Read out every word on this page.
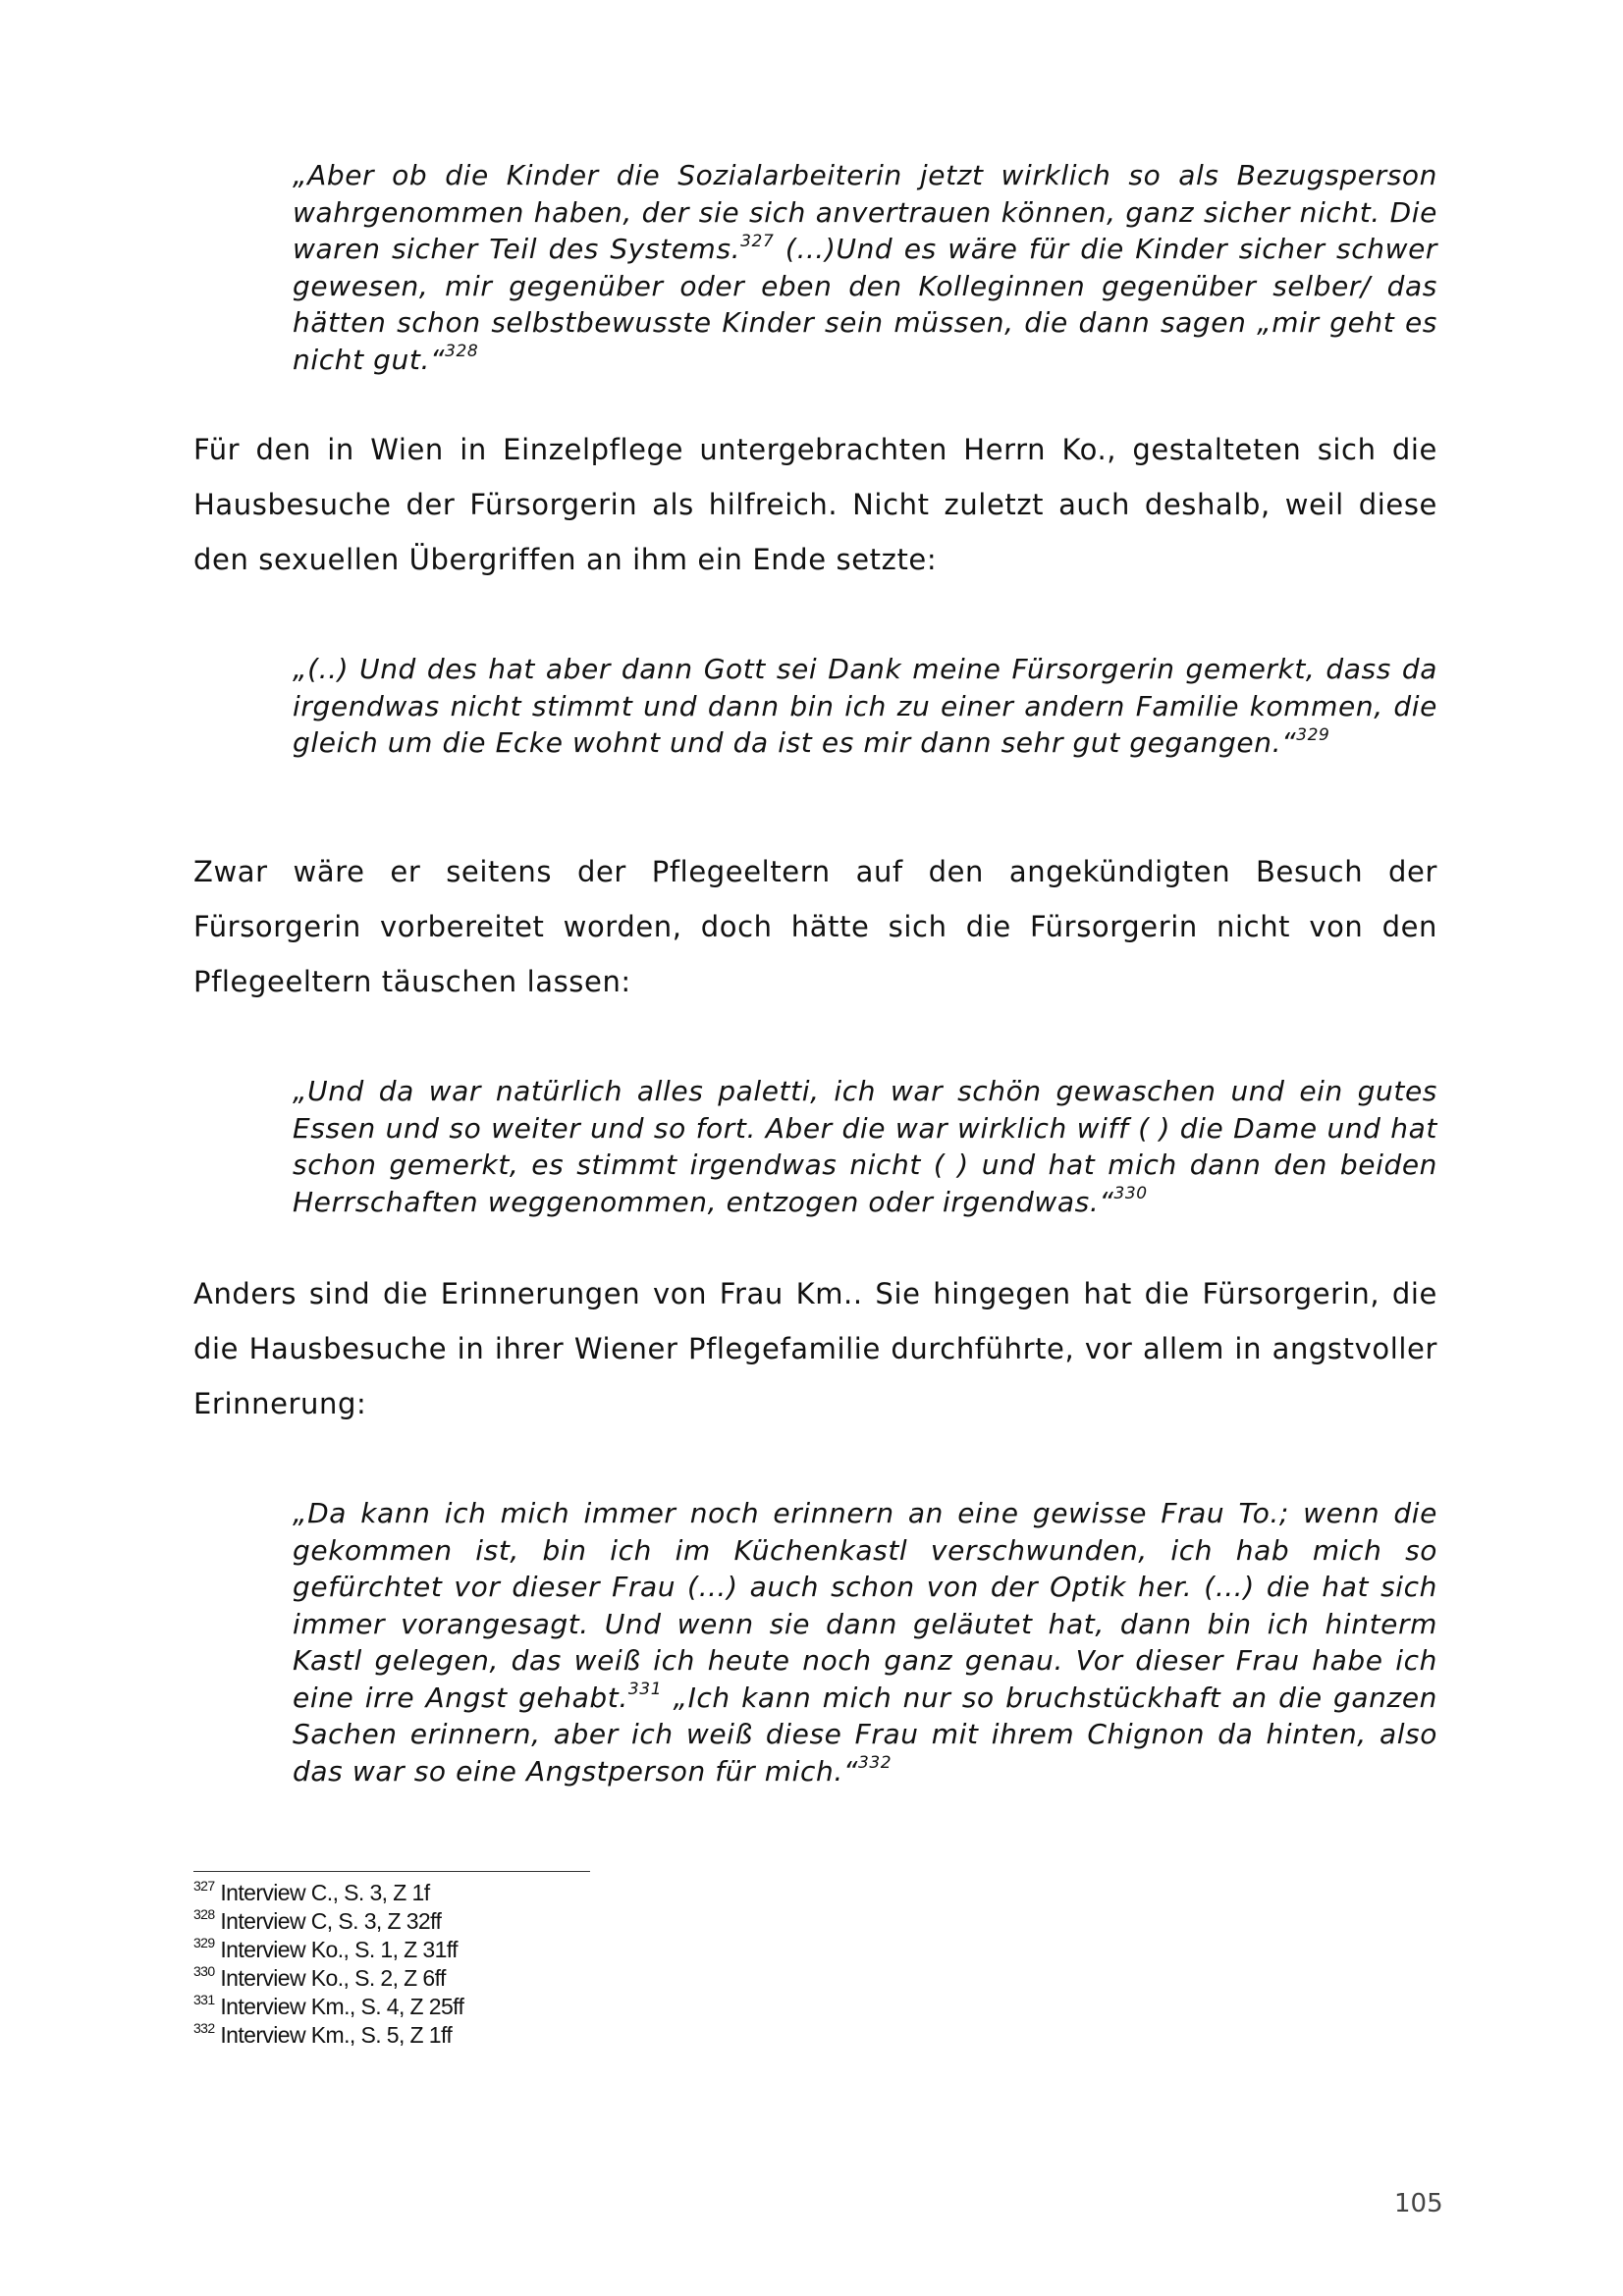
„Aber ob die Kinder die Sozialarbeiterin jetzt wirklich so als Bezugsperson wahrgenommen haben, der sie sich anvertrauen können, ganz sicher nicht. Die waren sicher Teil des Systems.$^{327}$ (…)Und es wäre für die Kinder sicher schwer gewesen, mir gegenüber oder eben den Kolleginnen gegenüber selber/ das hätten schon selbstbewusste Kinder sein müssen, die dann sagen „mir geht es nicht gut.“$^{328}$

Für den in Wien in Einzelpflege untergebrachten Herrn Ko., gestalteten sich die Hausbesuche der Fürsorgerin als hilfreich. Nicht zuletzt auch deshalb, weil diese den sexuellen Übergriffen an ihm ein Ende setzte:

„(..) Und des hat aber dann Gott sei Dank meine Fürsorgerin gemerkt, dass da irgendwas nicht stimmt und dann bin ich zu einer andern Familie kommen, die gleich um die Ecke wohnt und da ist es mir dann sehr gut gegangen.“$^{329}$

Zwar wäre er seitens der Pflegeeltern auf den angekündigten Besuch der Fürsorgerin vorbereitet worden, doch hätte sich die Fürsorgerin nicht von den Pflegeeltern täuschen lassen:

„Und da war natürlich alles paletti, ich war schön gewaschen und ein gutes Essen und so weiter und so fort. Aber die war wirklich wiff ( ) die Dame und hat schon gemerkt, es stimmt irgendwas nicht ( ) und hat mich dann den beiden Herrschaften weggenommen, entzogen oder irgendwas.“$^{330}$

Anders sind die Erinnerungen von Frau Km.. Sie hingegen hat die Fürsorgerin, die die Hausbesuche in ihrer Wiener Pflegefamilie durchführte, vor allem in angstvoller Erinnerung:

„Da kann ich mich immer noch erinnern an eine gewisse Frau To.; wenn die gekommen ist, bin ich im Küchenkastl verschwunden, ich hab mich so gefürchtet vor dieser Frau (…) auch schon von der Optik her. (…) die hat sich immer vorangesagt. Und wenn sie dann geläutet hat, dann bin ich hinterm Kastl gelegen, das weiß ich heute noch ganz genau. Vor dieser Frau habe ich eine irre Angst gehabt.$^{331}$ „Ich kann mich nur so bruchstückhaft an die ganzen Sachen erinnern, aber ich weiß diese Frau mit ihrem Chignon da hinten, also das war so eine Angstperson für mich.“$^{332}$

$^{327}$ Interview C., S. 3, Z 1f
$^{328}$ Interview C, S. 3, Z 32ff
$^{329}$ Interview Ko., S. 1, Z 31ff
$^{330}$ Interview Ko., S. 2, Z 6ff
$^{331}$ Interview Km., S. 4, Z 25ff
$^{332}$ Interview Km., S. 5, Z 1ff
105
